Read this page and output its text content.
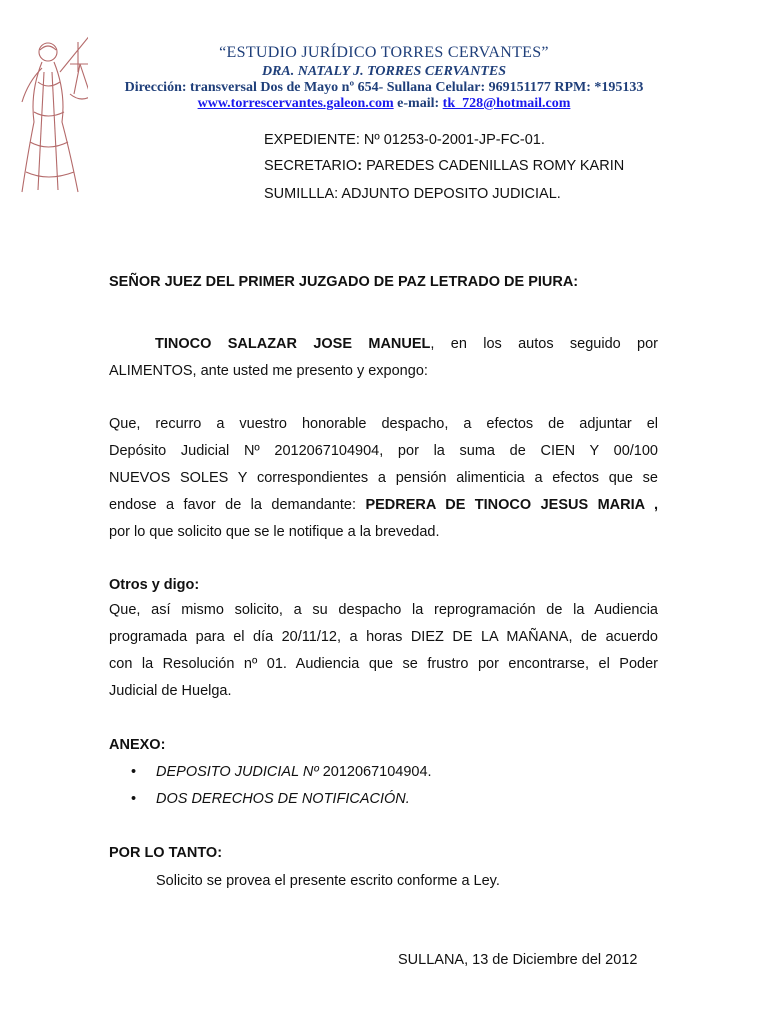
“ESTUDIO JURÍDICO TORRES CERVANTES”
DRA. NATALY J. TORRES CERVANTES
Dirección: transversal Dos de Mayo nº 654- Sullana Celular: 969151177 RPM: *195133
www.torrescervantes.galeon.com e-mail: tk_728@hotmail.com
EXPEDIENTE: Nº 01253-0-2001-JP-FC-01.
SECRETARIO: PAREDES CADENILLAS ROMY KARIN
SUMILLLA: ADJUNTO DEPOSITO JUDICIAL.
SEÑOR JUEZ DEL PRIMER JUZGADO DE PAZ LETRADO DE PIURA:
TINOCO SALAZAR JOSE MANUEL, en los autos seguido por
ALIMENTOS, ante usted me presento y expongo:
Que, recurro a vuestro honorable despacho, a efectos de adjuntar el
Depósito Judicial Nº 2012067104904, por la suma de CIEN Y 00/100
NUEVOS SOLES Y correspondientes a pensión alimenticia a efectos que se
endose a favor de la demandante: PEDRERA DE TINOCO JESUS MARIA ,
por lo que solicito que se le notifique a la brevedad.
Otros y digo:
Que, así mismo solicito, a su despacho la reprogramación de la Audiencia
programada para el día 20/11/12, a horas DIEZ DE LA MAÑANA, de acuerdo
con la Resolución nº 01. Audiencia que se frustro por encontrarse, el Poder
Judicial de Huelga.
ANEXO:
• DEPOSITO JUDICIAL Nº 2012067104904.
• DOS DERECHOS DE NOTIFICACIÓN.
POR LO TANTO:
Solicito se provea el presente escrito conforme a Ley.
SULLANA, 13 de Diciembre del 2012
